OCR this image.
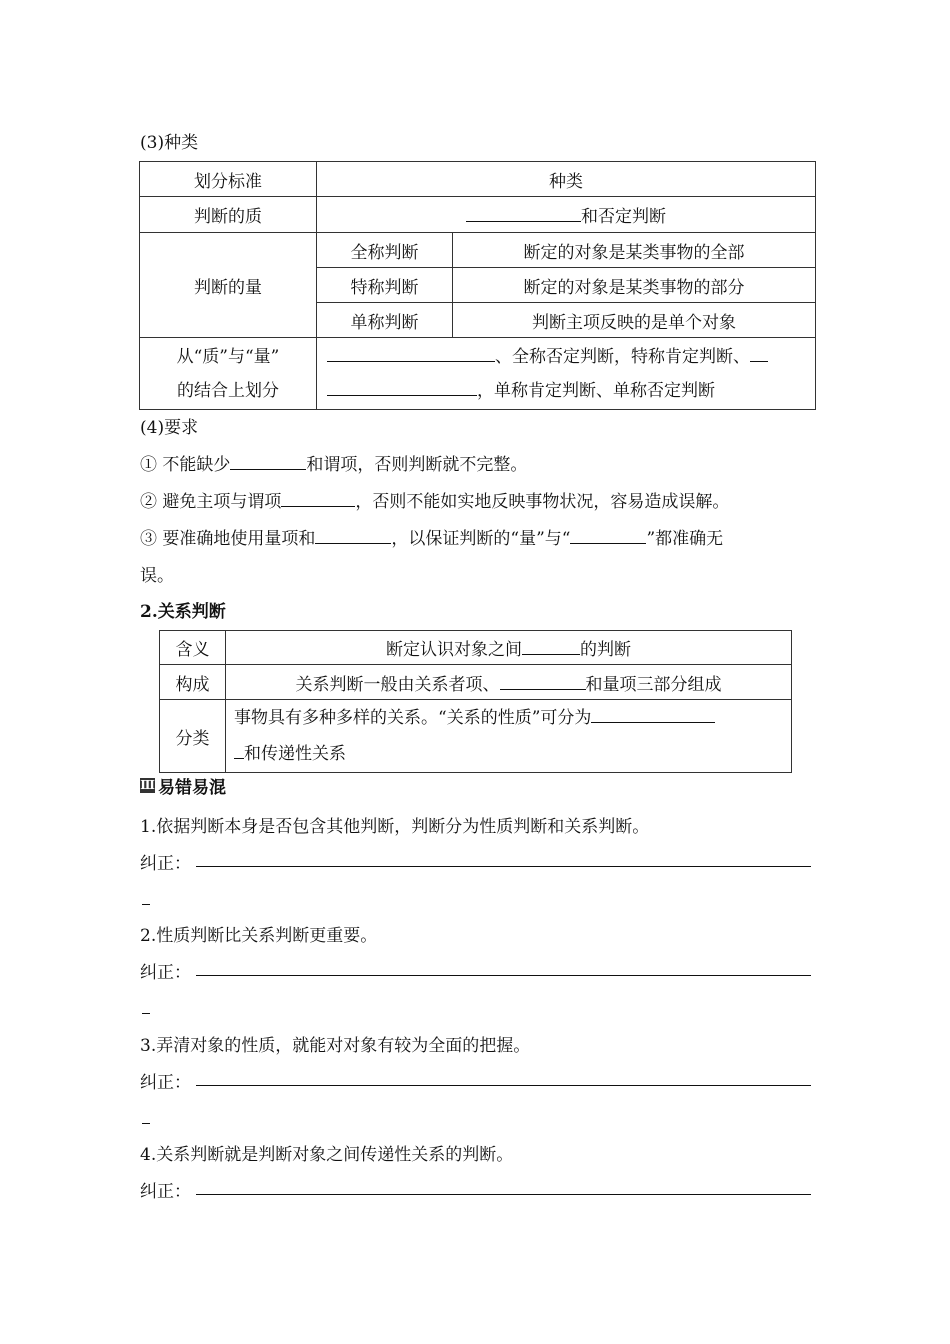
(3)种类
划分标准	种类	
判断的质	和否定判断	
判断的量	全称判断	断定的对象是某类事物的全部
	特称判断	断定的对象是某类事物的部分
	单称判断	判断主项反映的是单个对象
从“质”与“量”
的结合上划分	、全称否定判断，特称肯定判断、
，单称肯定判断、单称否定判断	
(4)要求
① 不能缺少	和谓项，否则判断就不完整。
② 避免主项与谓项	，否则不能如实地反映事物状况，容易造成误解。
③ 要准确地使用量项和	，以保证判断的“量”与“	”都准确无
误。
2.关系判断
含义	断定认识对象之间 的判断
构成	关系判断一般由关系者项、 和量项三部分组成
分类	事物具有多种多样的关系。“关系的性质”可分为
和传递性关系
Ⅲ 易错易混
1.依据判断本身是否包含其他判断，判断分为性质判断和关系判断。
纠正：
2.性质判断比关系判断更重要。
纠正：
3.弄清对象的性质，就能对对象有较为全面的把握。
纠正：
4.关系判断就是判断对象之间传递性关系的判断。
纠正：
